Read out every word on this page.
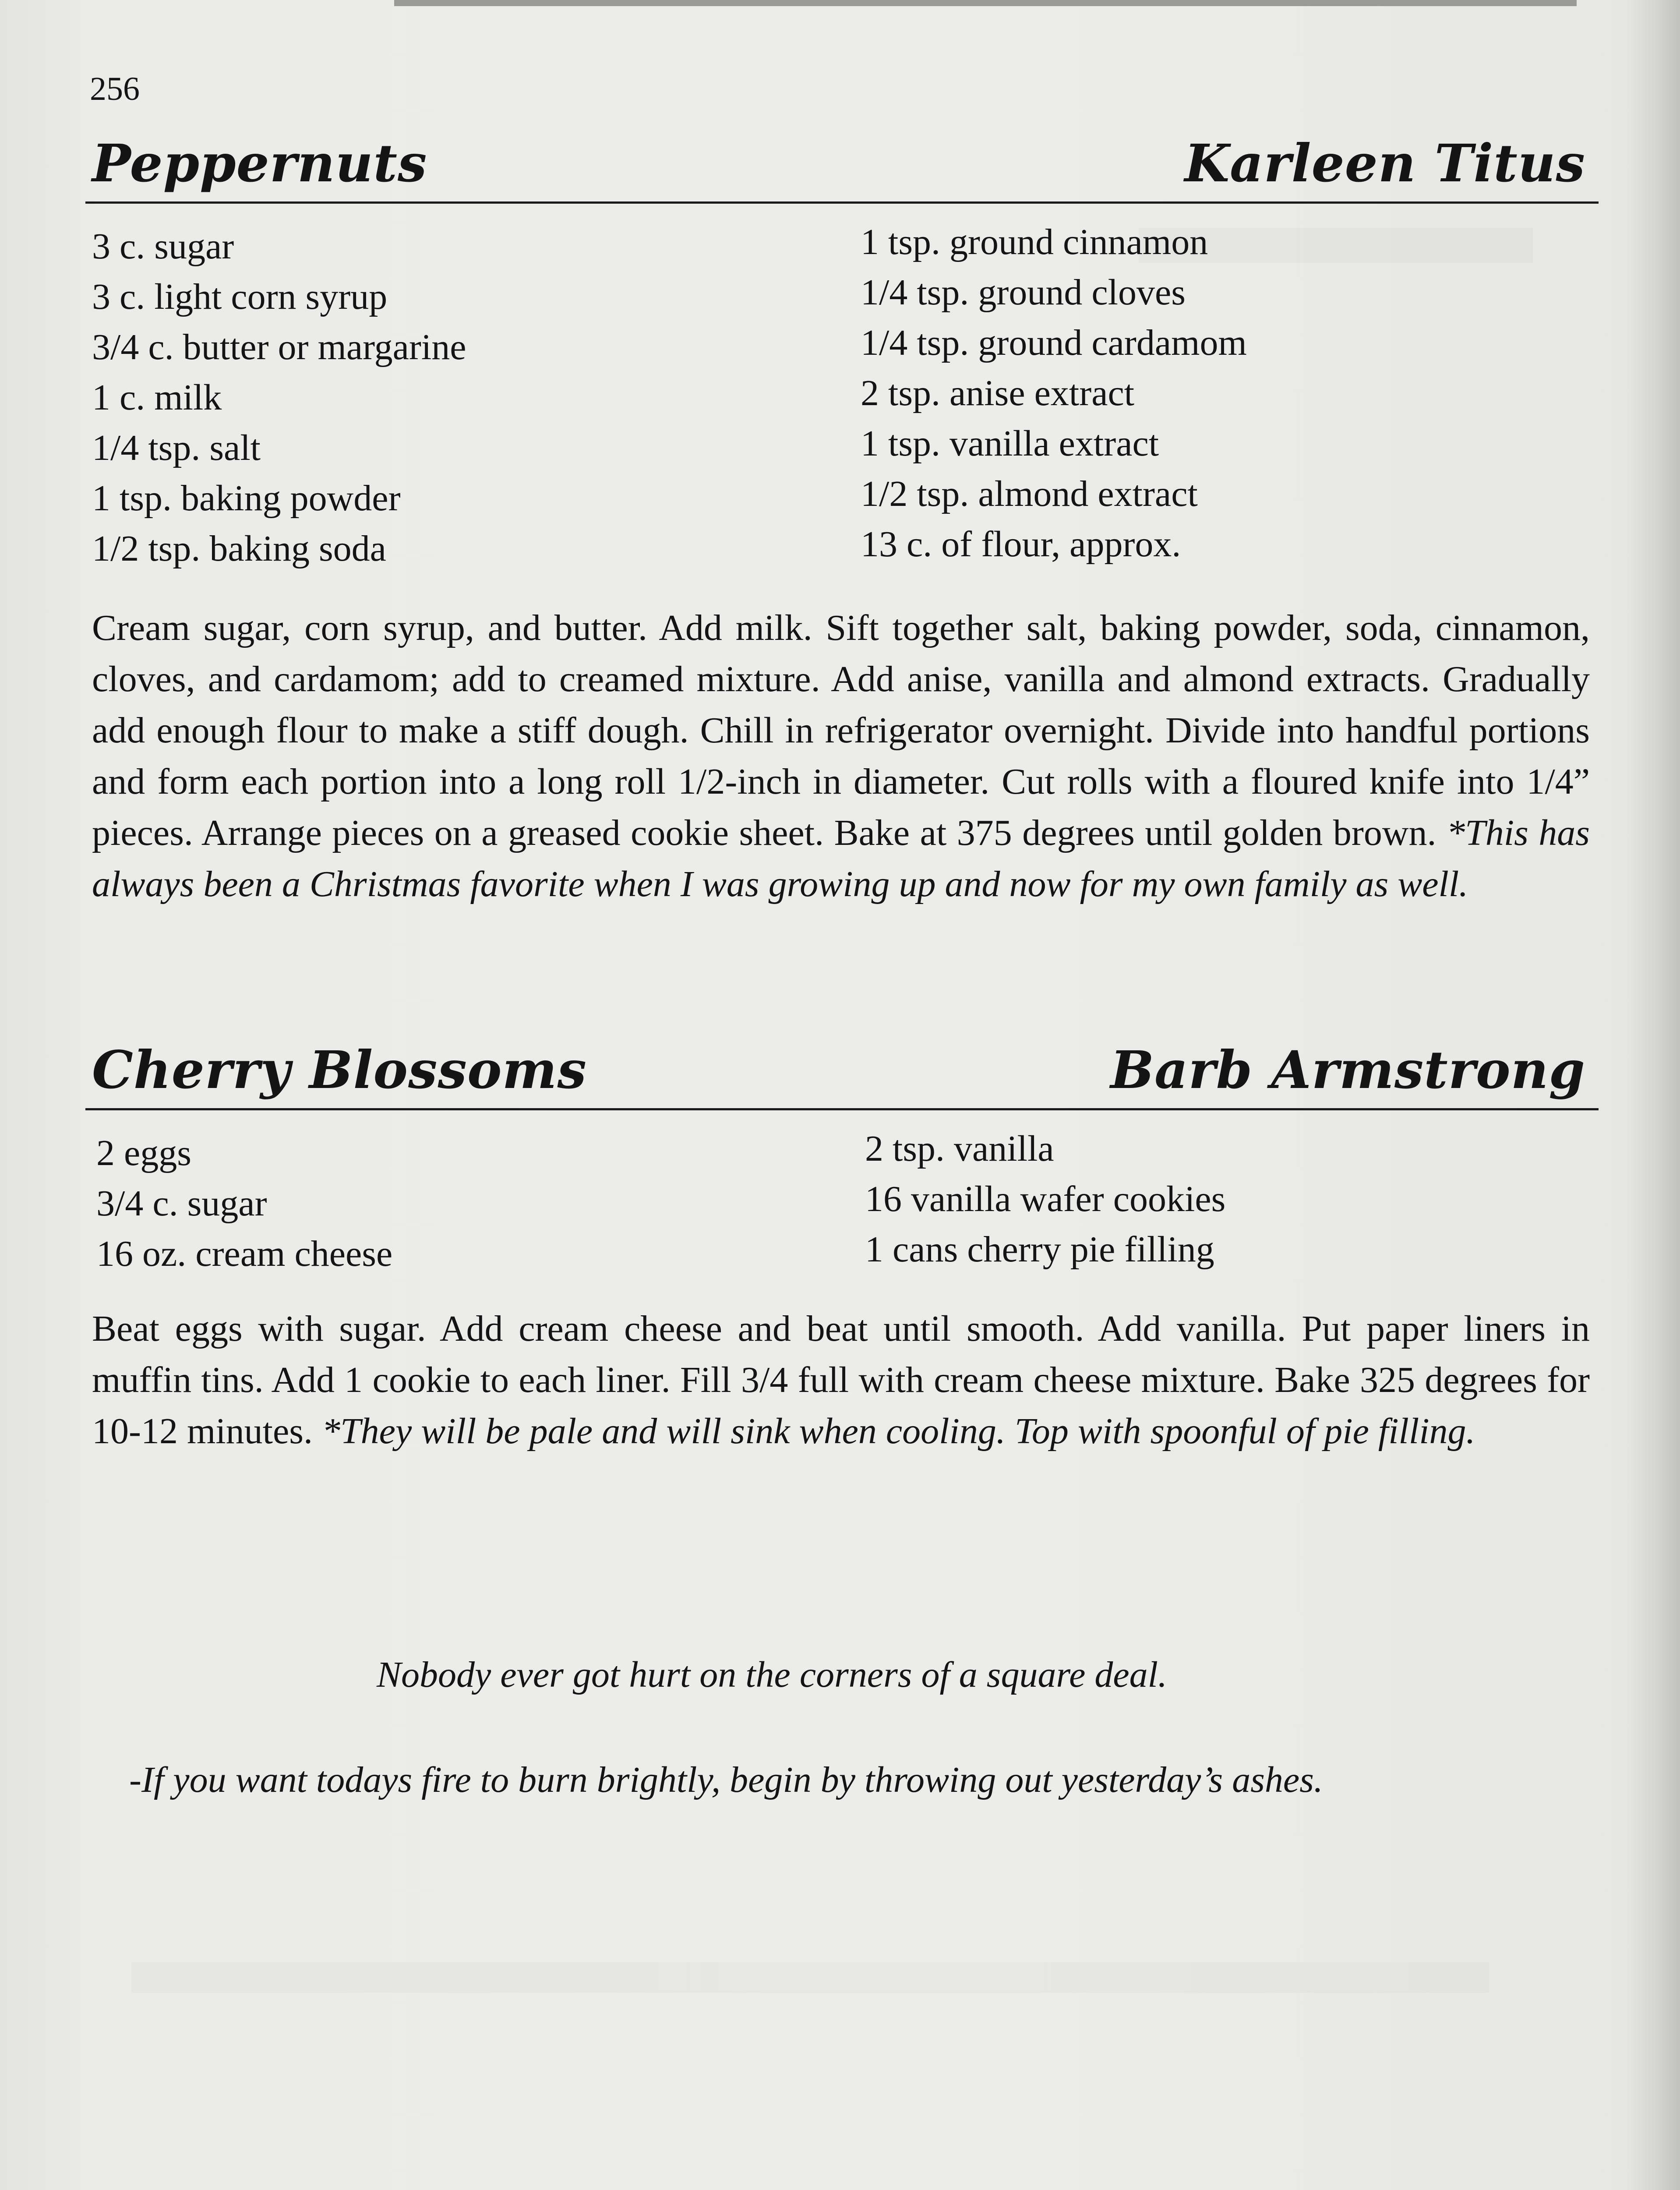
256
Peppernuts	Karleen Titus
3 c. sugar
3 c. light corn syrup
3/4 c. butter or margarine
1 c. milk
1/4 tsp. salt
1 tsp. baking powder
1/2 tsp. baking soda
1 tsp. ground cinnamon
1/4 tsp. ground cloves
1/4 tsp. ground cardamom
2 tsp. anise extract
1 tsp. vanilla extract
1/2 tsp. almond extract
13 c. of flour, approx.
Cream sugar, corn syrup, and butter. Add milk. Sift together salt, baking powder, soda, cinnamon, cloves, and cardamom; add to creamed mixture. Add anise, vanilla and almond extracts. Gradually add enough flour to make a stiff dough. Chill in refrigerator overnight. Divide into handful portions and form each portion into a long roll 1/2-inch in diameter. Cut rolls with a floured knife into 1/4” pieces. Arrange pieces on a greased cookie sheet. Bake at 375 degrees until golden brown. *This has always been a Christmas favorite when I was growing up and now for my own family as well.
Cherry Blossoms	Barb Armstrong
2 eggs
3/4 c. sugar
16 oz. cream cheese
2 tsp. vanilla
16 vanilla wafer cookies
1 cans cherry pie filling
Beat eggs with sugar. Add cream cheese and beat until smooth. Add vanilla. Put paper liners in muffin tins. Add 1 cookie to each liner. Fill 3/4 full with cream cheese mixture. Bake 325 degrees for 10-12 minutes. *They will be pale and will sink when cooling. Top with spoonful of pie filling.
Nobody ever got hurt on the corners of a square deal.
-If you want todays fire to burn brightly, begin by throwing out yesterday’s ashes.
